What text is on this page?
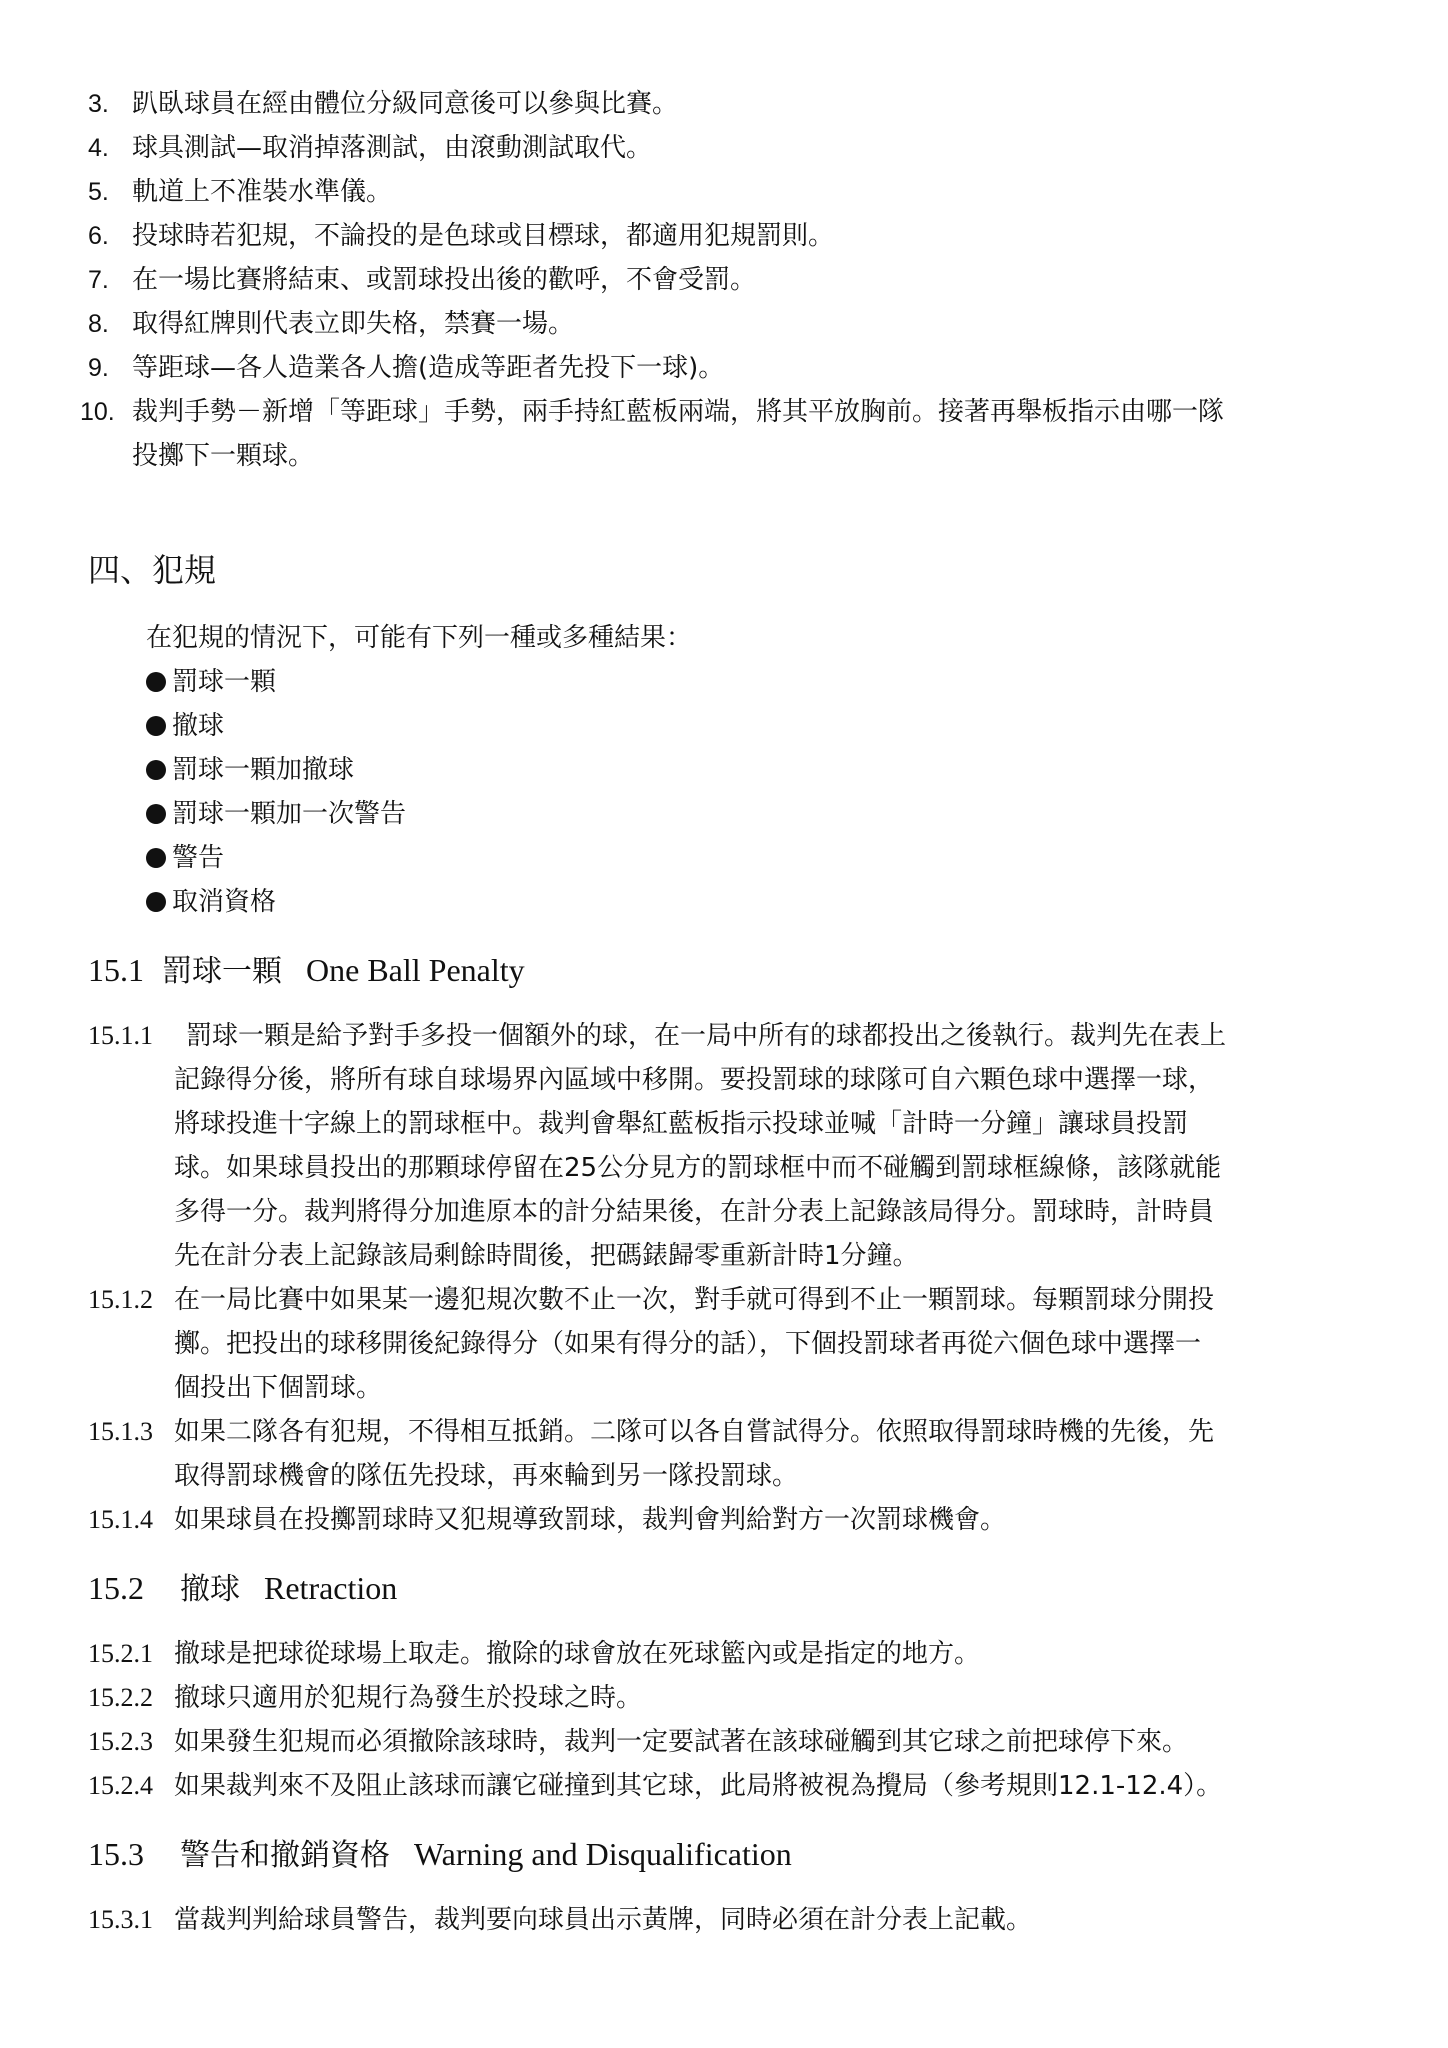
3. 趴臥球員在經由體位分級同意後可以參與比賽。
4. 球具測試—取消掉落測試，由滾動測試取代。
5. 軌道上不准裝水準儀。
6. 投球時若犯規，不論投的是色球或目標球，都適用犯規罰則。
7. 在一場比賽將結束、或罰球投出後的歡呼，不會受罰。
8. 取得紅牌則代表立即失格，禁賽一場。
9. 等距球—各人造業各人擔(造成等距者先投下一球)。
10. 裁判手勢－新增「等距球」手勢，兩手持紅藍板兩端，將其平放胸前。接著再舉板指示由哪一隊
投擲下一顆球。
四、犯規
在犯規的情況下，可能有下列一種或多種結果：
罰球一顆
撤球
罰球一顆加撤球
罰球一顆加一次警告
警告
取消資格
15.1 罰球一顆 One Ball Penalty
15.1.1 罰球一顆是給予對手多投一個額外的球，在一局中所有的球都投出之後執行。裁判先在表上
記錄得分後，將所有球自球場界內區域中移開。要投罰球的球隊可自六顆色球中選擇一球，
將球投進十字線上的罰球框中。裁判會舉紅藍板指示投球並喊「計時一分鐘」讓球員投罰
球。如果球員投出的那顆球停留在25公分見方的罰球框中而不碰觸到罰球框線條，該隊就能
多得一分。裁判將得分加進原本的計分結果後，在計分表上記錄該局得分。罰球時，計時員
先在計分表上記錄該局剩餘時間後，把碼錶歸零重新計時1分鐘。
15.1.2 在一局比賽中如果某一邊犯規次數不止一次，對手就可得到不止一顆罰球。每顆罰球分開投
擲。把投出的球移開後紀錄得分（如果有得分的話），下個投罰球者再從六個色球中選擇一
個投出下個罰球。
15.1.3 如果二隊各有犯規，不得相互抵銷。二隊可以各自嘗試得分。依照取得罰球時機的先後，先
取得罰球機會的隊伍先投球，再來輪到另一隊投罰球。
15.1.4 如果球員在投擲罰球時又犯規導致罰球，裁判會判給對方一次罰球機會。
15.2 撤球 Retraction
15.2.1 撤球是把球從球場上取走。撤除的球會放在死球籃內或是指定的地方。
15.2.2 撤球只適用於犯規行為發生於投球之時。
15.2.3 如果發生犯規而必須撤除該球時，裁判一定要試著在該球碰觸到其它球之前把球停下來。
15.2.4 如果裁判來不及阻止該球而讓它碰撞到其它球，此局將被視為攪局（參考規則12.1-12.4）。
15.3 警告和撤銷資格 Warning and Disqualification
15.3.1 當裁判判給球員警告，裁判要向球員出示黃牌，同時必須在計分表上記載。
